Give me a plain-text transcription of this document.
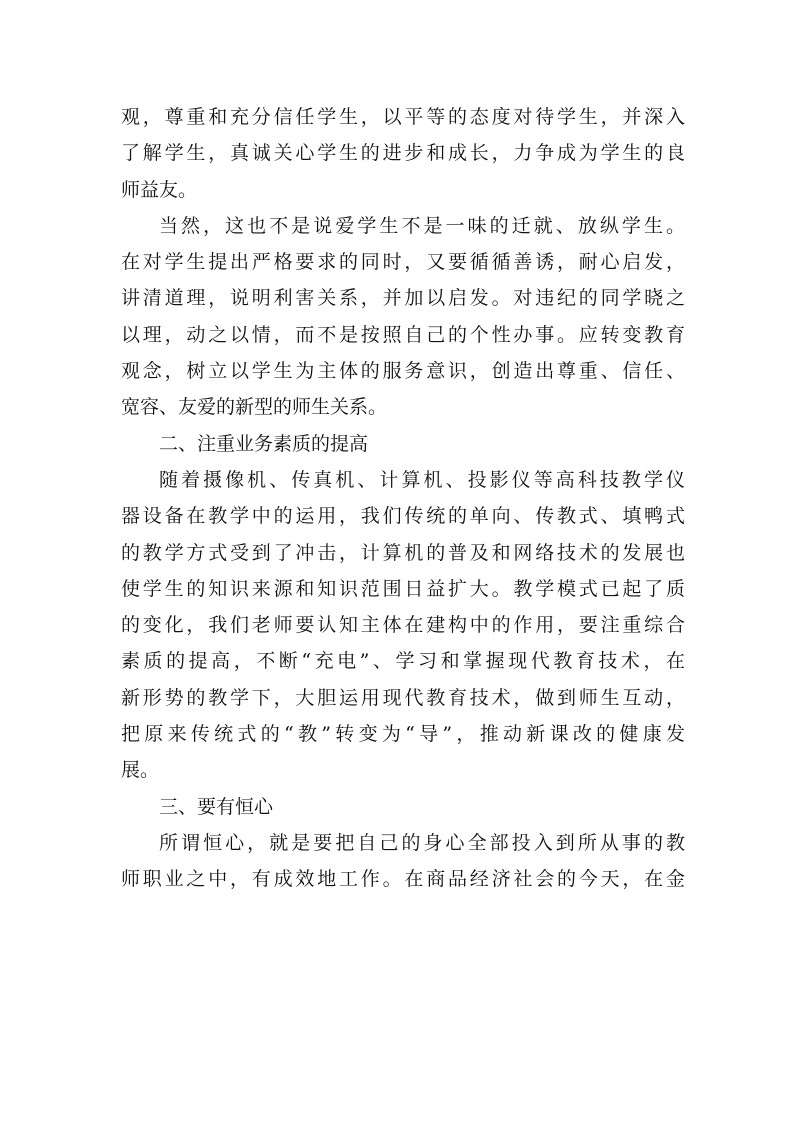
观，尊重和充分信任学生，以平等的态度对待学生，并深入
了解学生，真诚关心学生的进步和成长，力争成为学生的良
师益友。
当然，这也不是说爱学生不是一味的迁就、放纵学生。
在对学生提出严格要求的同时，又要循循善诱，耐心启发，
讲清道理，说明利害关系，并加以启发。对违纪的同学晓之
以理，动之以情，而不是按照自己的个性办事。应转变教育
观念，树立以学生为主体的服务意识，创造出尊重、信任、
宽容、友爱的新型的师生关系。
二、注重业务素质的提高
随着摄像机、传真机、计算机、投影仪等高科技教学仪
器设备在教学中的运用，我们传统的单向、传教式、填鸭式
的教学方式受到了冲击，计算机的普及和网络技术的发展也
使学生的知识来源和知识范围日益扩大。教学模式已起了质
的变化，我们老师要认知主体在建构中的作用，要注重综合
素质的提高，不断“充电”、学习和掌握现代教育技术，在
新形势的教学下，大胆运用现代教育技术，做到师生互动，
把原来传统式的“教”转变为“导”，推动新课改的健康发
展。
三、要有恒心
所谓恒心，就是要把自己的身心全部投入到所从事的教
师职业之中，有成效地工作。在商品经济社会的今天，在金
